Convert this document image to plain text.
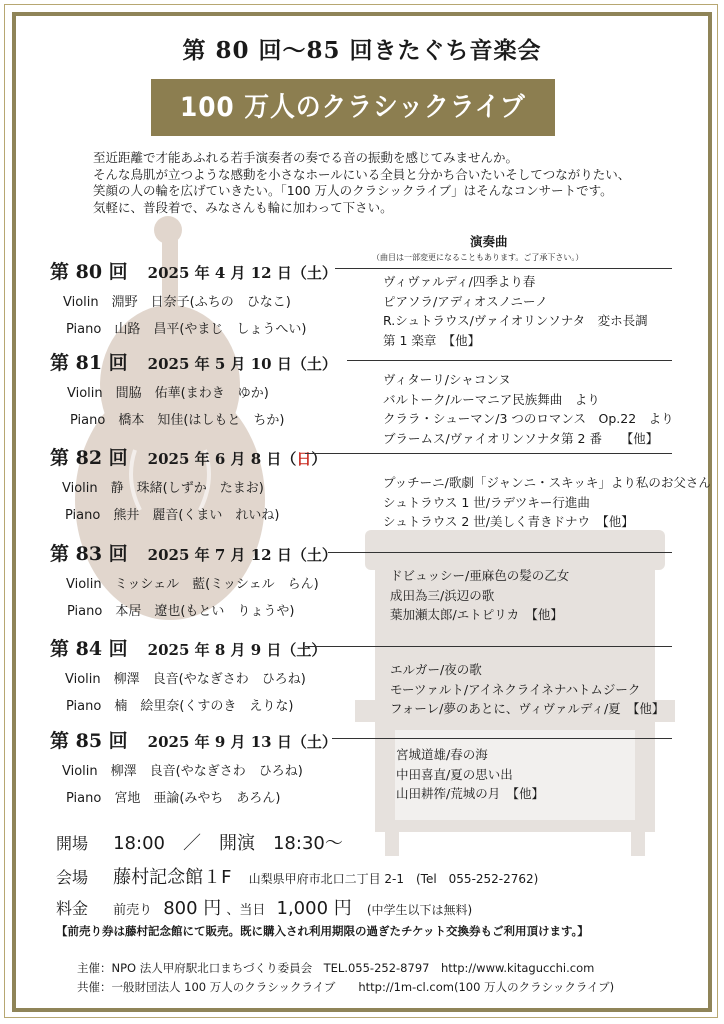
第 80 回〜85 回きたぐち音楽会
100 万人のクラシックライブ

至近距離で才能あふれる若手演奏者の奏でる音の振動を感じてみませんか。

そんな鳥肌が立つような感動を小さなホールにいる全員と分かち合いたいそしてつながりたい、

笑顔の人の輪を広げていきたい。「100 万人のクラシックライブ」はそんなコンサートです。

気軽に、普段着で、みなさんも輪に加わって下さい。

演奏曲
（曲目は一部変更になることもあります。ご了承下さい。）
第 80 回 2025 年 4 月 12 日（土）
Violin　淵野　日奈子(ふちの　ひなこ)
Piano　山路　昌平(やまじ　しょうへい)
ヴィヴァルディ/四季より春
ピアソラ/アディオスノニーノ
R.シュトラウス/ヴァイオリンソナタ　変ホ長調
第 1 楽章　【他】
第 81 回 2025 年 5 月 10 日（土）
Violin　間脇　佑華(まわき　ゆか)
Piano　橋本　知佳(はしもと　ちか)
ヴィターリ/シャコンヌ
バルトーク/ルーマニア民族舞曲　より
クララ・シューマン/3 つのロマンス　Op.22　より
ブラームス/ヴァイオリンソナタ第 2 番　　【他】
第 82 回 2025 年 6 月 8 日（日）
Violin　静　珠緒(しずか　たまお)
Piano　熊井　麗音(くまい　れいね)
プッチーニ/歌劇「ジャンニ・スキッキ」より私のお父さん
シュトラウス 1 世/ラデツキー行進曲
シュトラウス 2 世/美しく青きドナウ　【他】
第 83 回 2025 年 7 月 12 日（土）
Violin　ミッシェル　藍(ミッシェル　らん)
Piano　本居　遼也(もとい　りょうや)
ドビュッシー/亜麻色の髪の乙女
成田為三/浜辺の歌
葉加瀬太郎/エトピリカ　【他】
第 84 回 2025 年 8 月 9 日（土）
Violin　柳澤　良音(やなぎさわ　ひろね)
Piano　楠　絵里奈(くすのき　えりな)
エルガー/夜の歌
モーツァルト/アイネクライネナハトムジーク
フォーレ/夢のあとに、ヴィヴァルディ/夏　【他】
第 85 回 2025 年 9 月 13 日（土）
Violin　柳澤　良音(やなぎさわ　ひろね)
Piano　宮地　亜論(みやち　あろん)
宮城道雄/春の海
中田喜直/夏の思い出
山田耕筰/荒城の月　【他】
開場 18:00　／　開演　18:30〜
会場 藤村記念館１F 山梨県甲府市北口二丁目 2-1　(Tel　055-252-2762)
料金 前売り 800 円 、当日 1,000 円 (中学生以下は無料)
【前売り券は藤村記念館にて販売。既に購入され利用期限の過ぎたチケット交換券もご利用頂けます。】
主催：NPO 法人甲府駅北口まちづくり委員会　TEL.055-252-8797　http://www.kitagucchi.com
共催：一般財団法人 100 万人のクラシックライブ　　http://1m-cl.com(100 万人のクラシックライブ)
